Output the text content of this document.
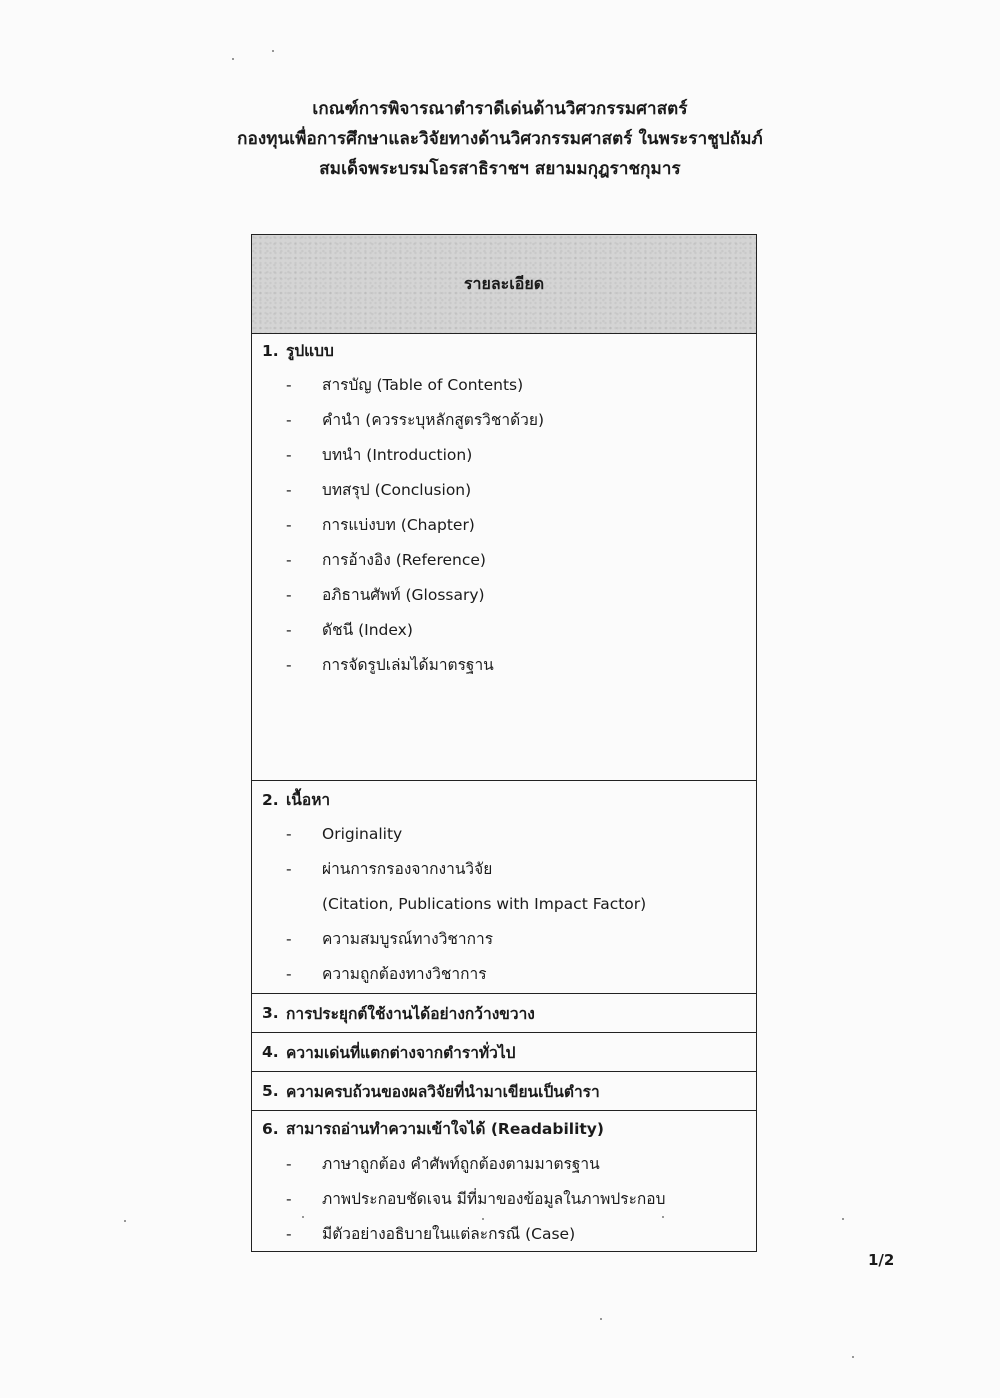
เกณฑ์การพิจารณาตำราดีเด่นด้านวิศวกรรมศาสตร์
กองทุนเพื่อการศึกษาและวิจัยทางด้านวิศวกรรมศาสตร์ ในพระราชูปถัมภ์
สมเด็จพระบรมโอรสาธิราชฯ สยามมกุฎราชกุมาร
รายละเอียด
1. รูปแบบ
-	สารบัญ (Table of Contents)
-	คำนำ (ควรระบุหลักสูตรวิชาด้วย)
-	บทนำ (Introduction)
-	บทสรุป (Conclusion)
-	การแบ่งบท (Chapter)
-	การอ้างอิง (Reference)
-	อภิธานศัพท์ (Glossary)
-	ดัชนี (Index)
-	การจัดรูปเล่มได้มาตรฐาน
2. เนื้อหา
-	Originality
-	ผ่านการกรองจากงานวิจัย
(Citation, Publications with Impact Factor)
-	ความสมบูรณ์ทางวิชาการ
-	ความถูกต้องทางวิชาการ
3. การประยุกต์ใช้งานได้อย่างกว้างขวาง
4. ความเด่นที่แตกต่างจากตำราทั่วไป
5. ความครบถ้วนของผลวิจัยที่นำมาเขียนเป็นตำรา
6. สามารถอ่านทำความเข้าใจได้ (Readability)
-	ภาษาถูกต้อง คำศัพท์ถูกต้องตามมาตรฐาน
-	ภาพประกอบชัดเจน มีที่มาของข้อมูลในภาพประกอบ
-	มีตัวอย่างอธิบายในแต่ละกรณี (Case)
1/2
